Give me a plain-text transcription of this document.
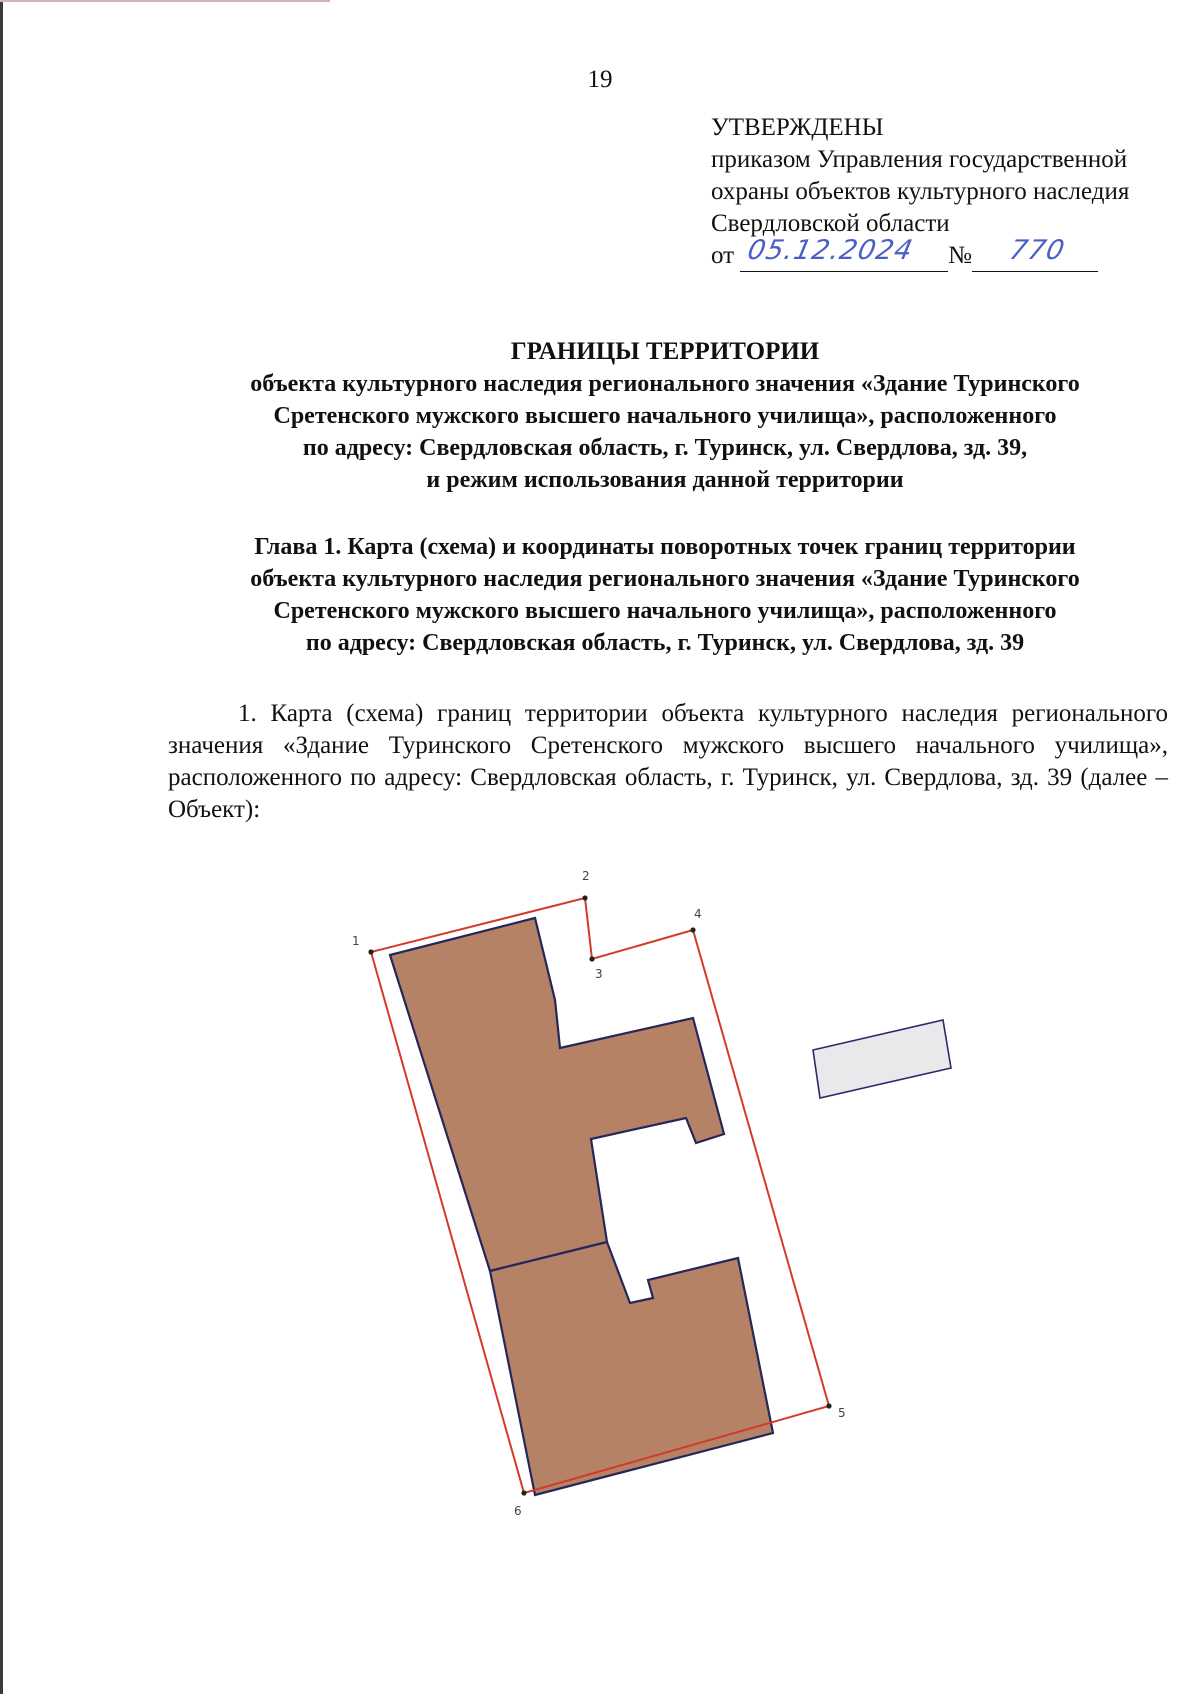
19
УТВЕРЖДЕНЫ
приказом Управления государственной
охраны объектов культурного наследия
Свердловской области
от 05.12.2024 № 770
ГРАНИЦЫ ТЕРРИТОРИИ
объекта культурного наследия регионального значения «Здание Туринского
Сретенского мужского высшего начального училища», расположенного
по адресу: Свердловская область, г. Туринск, ул. Свердлова, зд. 39,
и режим использования данной территории
Глава 1. Карта (схема) и координаты поворотных точек границ территории
объекта культурного наследия регионального значения «Здание Туринского
Сретенского мужского высшего начального училища», расположенного
по адресу: Свердловская область, г. Туринск, ул. Свердлова, зд. 39
1. Карта (схема) границ территории объекта культурного наследия регионального значения «Здание Туринского Сретенского мужского высшего начального училища», расположенного по адресу: Свердловская область, г. Туринск, ул. Свердлова, зд. 39 (далее – Объект):
1
2
3
4
5
6
